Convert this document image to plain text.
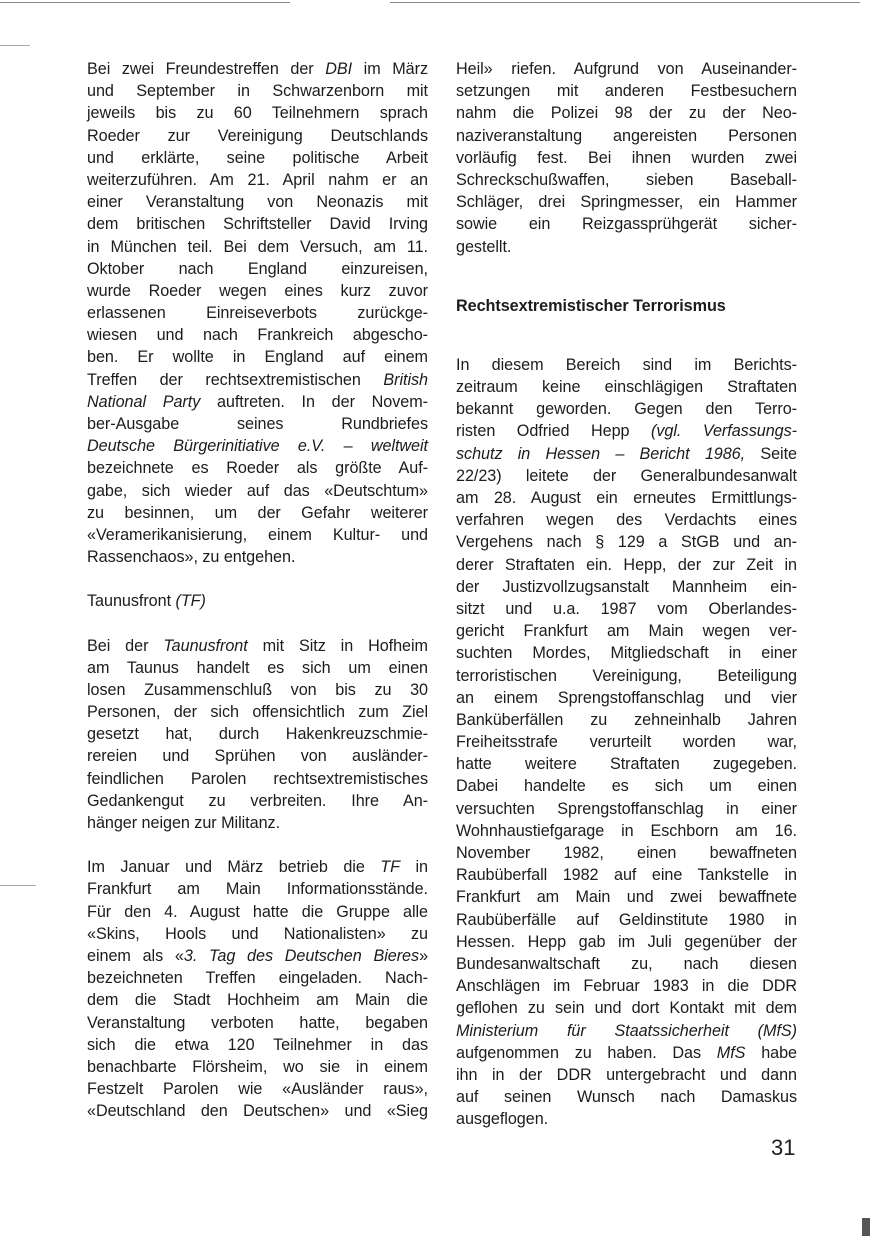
Bei zwei Freundestreffen der DBI im März
und September in Schwarzenborn mit
jeweils bis zu 60 Teilnehmern sprach
Roeder zur Vereinigung Deutschlands
und erklärte, seine politische Arbeit
weiterzuführen. Am 21. April nahm er an
einer Veranstaltung von Neonazis mit
dem britischen Schriftsteller David Irving
in München teil. Bei dem Versuch, am 11.
Oktober nach England einzureisen,
wurde Roeder wegen eines kurz zuvor
erlassenen Einreiseverbots zurückge-
wiesen und nach Frankreich abgescho-
ben. Er wollte in England auf einem
Treffen der rechtsextremistischen British
National Party auftreten. In der Novem-
ber-Ausgabe seines Rundbriefes
Deutsche Bürgerinitiative e.V. – weltweit
bezeichnete es Roeder als größte Auf-
gabe, sich wieder auf das «Deutschtum»
zu besinnen, um der Gefahr weiterer
«Veramerikanisierung, einem Kultur- und
Rassenchaos», zu entgehen.
Taunusfront (TF)
Bei der Taunusfront mit Sitz in Hofheim
am Taunus handelt es sich um einen
losen Zusammenschluß von bis zu 30
Personen, der sich offensichtlich zum Ziel
gesetzt hat, durch Hakenkreuzschmie-
rereien und Sprühen von ausländer-
feindlichen Parolen rechtsextremistisches
Gedankengut zu verbreiten. Ihre An-
hänger neigen zur Militanz.
Im Januar und März betrieb die TF in
Frankfurt am Main Informationsstände.
Für den 4. August hatte die Gruppe alle
«Skins, Hools und Nationalisten» zu
einem als «3. Tag des Deutschen Bieres»
bezeichneten Treffen eingeladen. Nach-
dem die Stadt Hochheim am Main die
Veranstaltung verboten hatte, begaben
sich die etwa 120 Teilnehmer in das
benachbarte Flörsheim, wo sie in einem
Festzelt Parolen wie «Ausländer raus»,
«Deutschland den Deutschen» und «Sieg
Heil» riefen. Aufgrund von Auseinander-
setzungen mit anderen Festbesuchern
nahm die Polizei 98 der zu der Neo-
naziveranstaltung angereisten Personen
vorläufig fest. Bei ihnen wurden zwei
Schreckschußwaffen, sieben Baseball-
Schläger, drei Springmesser, ein Hammer
sowie ein Reizgassprühgerät sicher-
gestellt.
Rechtsextremistischer Terrorismus
In diesem Bereich sind im Berichts-
zeitraum keine einschlägigen Straftaten
bekannt geworden. Gegen den Terro-
risten Odfried Hepp (vgl. Verfassungs-
schutz in Hessen – Bericht 1986, Seite
22/23) leitete der Generalbundesanwalt
am 28. August ein erneutes Ermittlungs-
verfahren wegen des Verdachts eines
Vergehens nach § 129 a StGB und an-
derer Straftaten ein. Hepp, der zur Zeit in
der Justizvollzugsanstalt Mannheim ein-
sitzt und u.a. 1987 vom Oberlandes-
gericht Frankfurt am Main wegen ver-
suchten Mordes, Mitgliedschaft in einer
terroristischen Vereinigung, Beteiligung
an einem Sprengstoffanschlag und vier
Banküberfällen zu zehneinhalb Jahren
Freiheitsstrafe verurteilt worden war,
hatte weitere Straftaten zugegeben.
Dabei handelte es sich um einen
versuchten Sprengstoffanschlag in einer
Wohnhaustiefgarage in Eschborn am 16.
November 1982, einen bewaffneten
Raubüberfall 1982 auf eine Tankstelle in
Frankfurt am Main und zwei bewaffnete
Raubüberfälle auf Geldinstitute 1980 in
Hessen. Hepp gab im Juli gegenüber der
Bundesanwaltschaft zu, nach diesen
Anschlägen im Februar 1983 in die DDR
geflohen zu sein und dort Kontakt mit dem
Ministerium für Staatssicherheit (MfS)
aufgenommen zu haben. Das MfS habe
ihn in der DDR untergebracht und dann
auf seinen Wunsch nach Damaskus
ausgeflogen.
31
